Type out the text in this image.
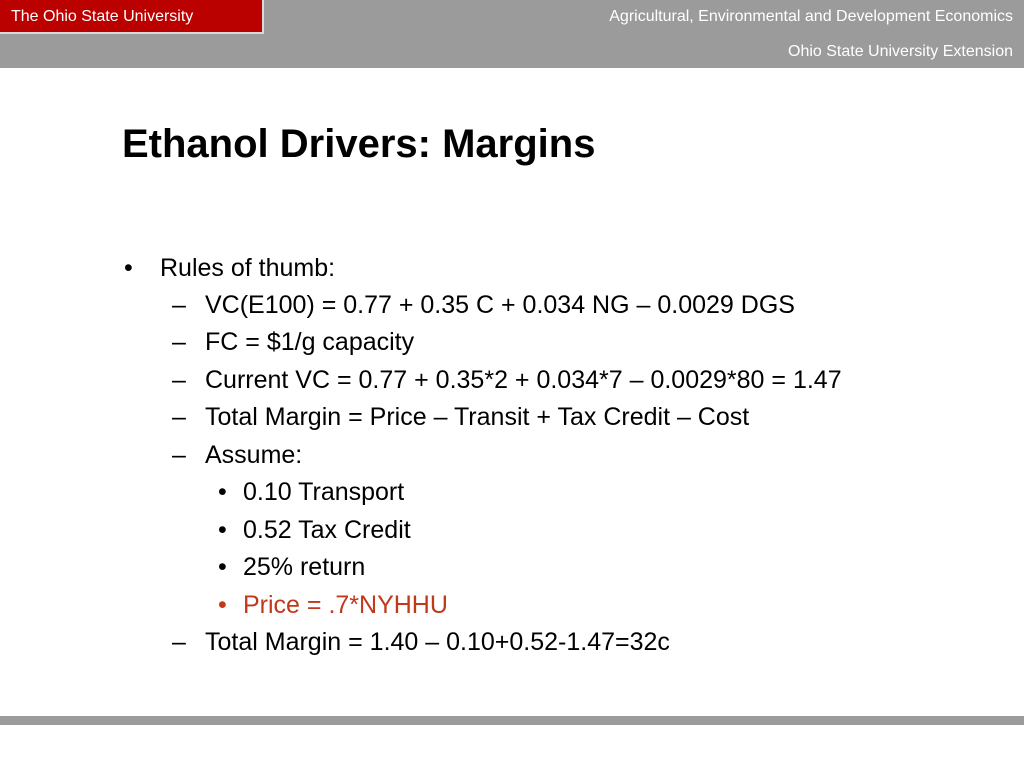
The Ohio State University	Agricultural, Environmental and Development Economics
Ohio State University Extension
Ethanol Drivers: Margins
• Rules of thumb:
– VC(E100) = 0.77 + 0.35 C + 0.034 NG – 0.0029 DGS
– FC = $1/g capacity
– Current VC = 0.77 + 0.35*2 + 0.034*7 – 0.0029*80 = 1.47
– Total Margin = Price – Transit + Tax Credit – Cost
– Assume:
• 0.10 Transport
• 0.52 Tax Credit
• 25% return
• Price = .7*NYHHU
– Total Margin = 1.40 – 0.10+0.52-1.47=32c
